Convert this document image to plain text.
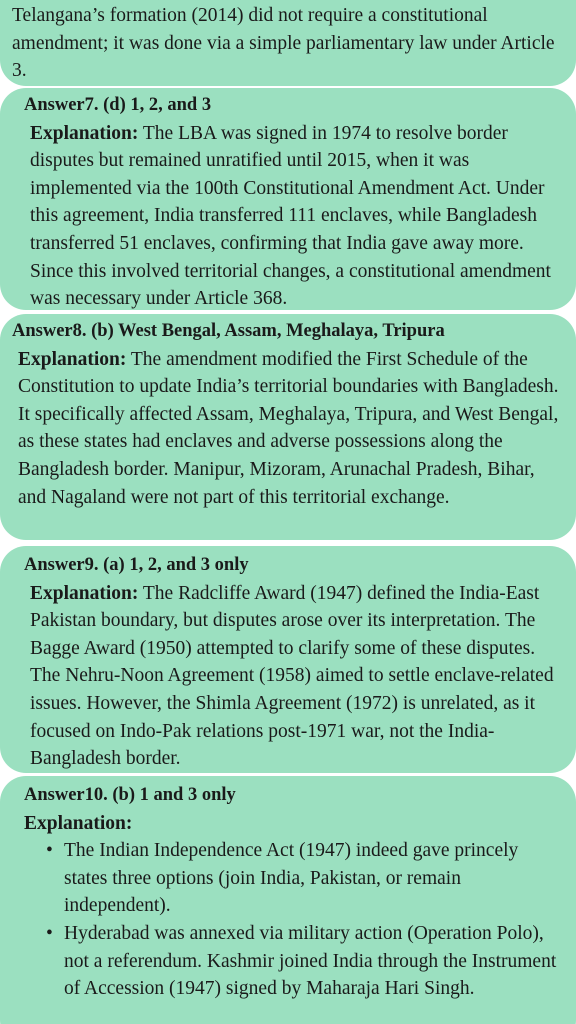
Telangana’s formation (2014) did not require a constitutional amendment; it was done via a simple parliamentary law under Article 3.

Answer7. (d) 1, 2, and 3

Explanation: The LBA was signed in 1974 to resolve border disputes but remained unratified until 2015, when it was implemented via the 100th Constitutional Amendment Act. Under this agreement, India transferred 111 enclaves, while Bangladesh transferred 51 enclaves, confirming that India gave away more. Since this involved territorial changes, a constitutional amendment was necessary under Article 368.

Answer8. (b) West Bengal, Assam, Meghalaya, Tripura

Explanation: The amendment modified the First Schedule of the Constitution to update India’s territorial boundaries with Bangladesh. It specifically affected Assam, Meghalaya, Tripura, and West Bengal, as these states had enclaves and adverse possessions along the Bangladesh border. Manipur, Mizoram, Arunachal Pradesh, Bihar, and Nagaland were not part of this territorial exchange.

Answer9. (a) 1, 2, and 3 only

Explanation: The Radcliffe Award (1947) defined the India-East Pakistan boundary, but disputes arose over its interpretation. The Bagge Award (1950) attempted to clarify some of these disputes. The Nehru-Noon Agreement (1958) aimed to settle enclave-related issues. However, the Shimla Agreement (1972) is unrelated, as it focused on Indo-Pak relations post-1971 war, not the India-Bangladesh border.

Answer10. (b) 1 and 3 only

Explanation:

• The Indian Independence Act (1947) indeed gave princely states three options (join India, Pakistan, or remain independent).
• Hyderabad was annexed via military action (Operation Polo), not a referendum. Kashmir joined India through the Instrument of Accession (1947) signed by Maharaja Hari Singh.
